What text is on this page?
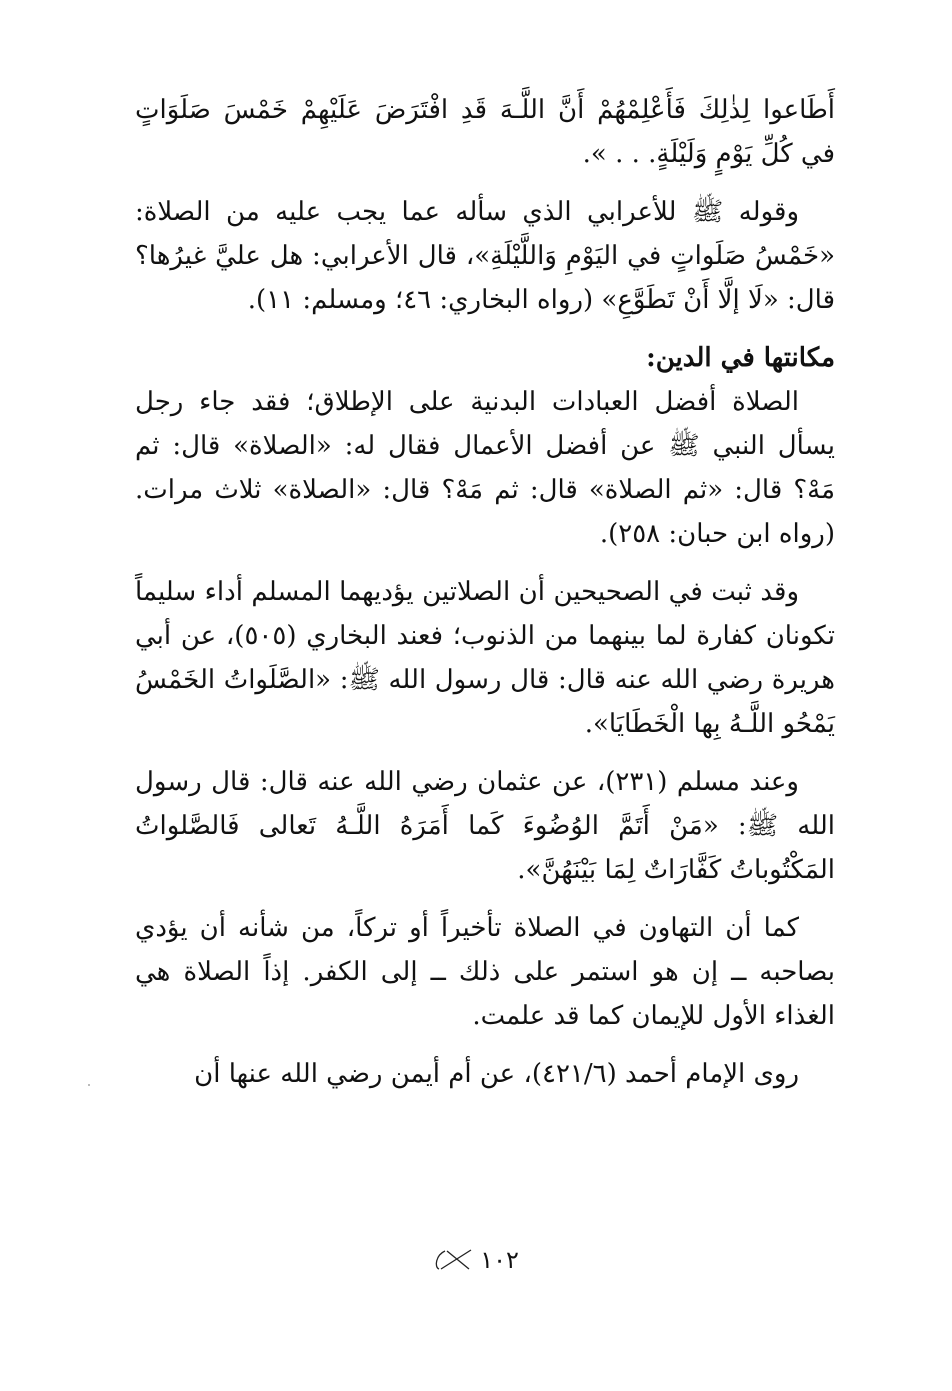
أَطَاعوا لِذٰلِكَ فَأَعْلِمْهُمْ أَنَّ اللَّـهَ قَدِ افْتَرَضَ عَلَيْهِمْ خَمْسَ صَلَوَاتٍ في كُلِّ يَوْمٍ وَلَيْلَةٍ. . . ».

وقوله ﷺ للأعرابي الذي سأله عما يجب عليه من الصلاة: «خَمْسُ صَلَواتٍ في اليَوْمِ وَاللَّيْلَةِ»، قال الأعرابي: هل عليَّ غيرُها؟ قال: «لَا إلَّا أَنْ تَطَوَّعِ» (رواه البخاري: ٤٦؛ ومسلم: ١١).

مكانتها في الدين:

الصلاة أفضل العبادات البدنية على الإطلاق؛ فقد جاء رجل يسأل النبي ﷺ عن أفضل الأعمال فقال له: «الصلاة» قال: ثم مَهْ؟ قال: «ثم الصلاة» قال: ثم مَهْ؟ قال: «الصلاة» ثلاث مرات. (رواه ابن حبان: ٢٥٨).

وقد ثبت في الصحيحين أن الصلاتين يؤديهما المسلم أداء سليماً تكونان كفارة لما بينهما من الذنوب؛ فعند البخاري (٥٠٥)، عن أبي هريرة رضي الله عنه قال: قال رسول الله ﷺ: «الصَّلَواتُ الخَمْسُ يَمْحُو اللَّـهُ بِها الْخَطَايَا».

وعند مسلم (٢٣١)، عن عثمان رضي الله عنه قال: قال رسول الله ﷺ: «مَنْ أَتَمَّ الوُضُوءَ كَما أَمَرَهُ اللَّـهُ تَعالى فَالصَّلواتُ المَكْتُوباتُ كَفَّارَاتٌ لِمَا بَيْنَهُنَّ».

كما أن التهاون في الصلاة تأخيراً أو تركاً، من شأنه أن يؤدي بصاحبه ــ إن هو استمر على ذلك ــ إلى الكفر. إذاً الصلاة هي الغذاء الأول للإيمان كما قد علمت.

روى الإمام أحمد (٤٢١/٦)، عن أم أيمن رضي الله عنها أن

١٠٢
